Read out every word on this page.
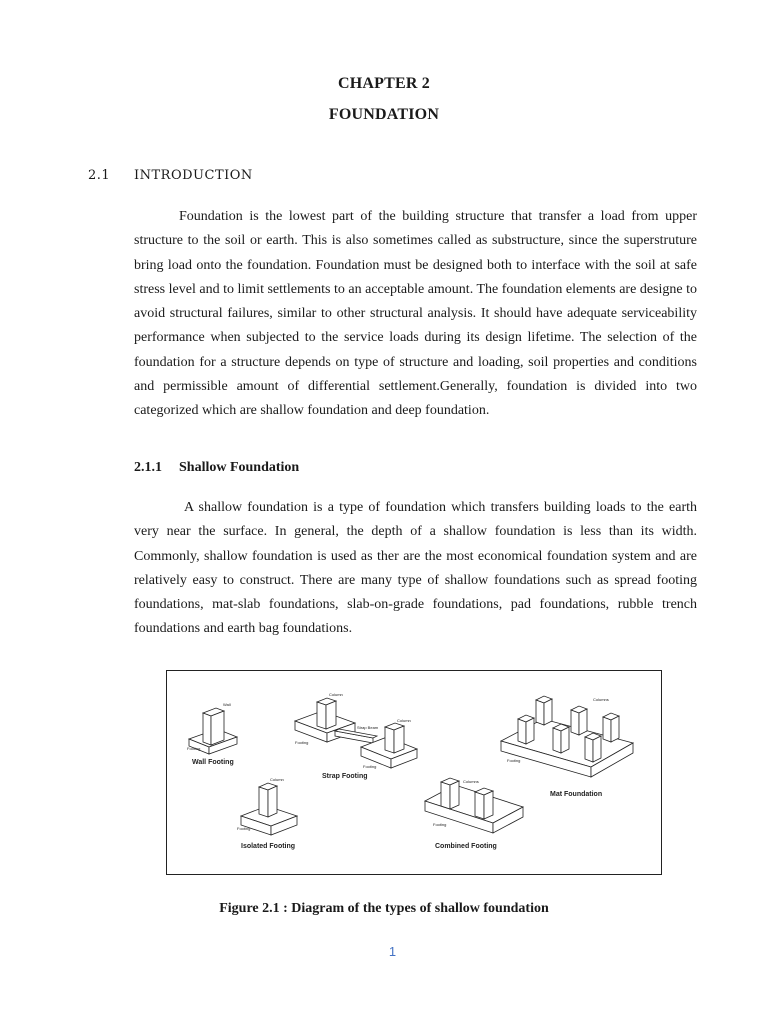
CHAPTER 2
FOUNDATION
2.1 INTRODUCTION

Foundation is the lowest part of the building structure that transfer a load from upper structure to the soil or earth. This is also sometimes called as substructure, since the superstruture bring load onto the foundation. Foundation must be designed both to interface with the soil at safe stress level and to limit settlements to an acceptable amount. The foundation elements are designe to avoid structural failures, similar to other structural analysis. It should have adequate serviceability performance when subjected to the service loads during its design lifetime. The selection of the foundation for a structure depends on type of structure and loading, soil properties and conditions and permissible amount of differential settlement.Generally, foundation is divided into two categorized which are shallow foundation and deep foundation.

2.1.1 Shallow Foundation

A shallow foundation is a type of foundation which transfers building loads to the earth very near the surface. In general, the depth of a shallow foundation is less than its width. Commonly, shallow foundation is used as ther are the most economical foundation system and are relatively easy to construct. There are many type of shallow foundations such as spread footing foundations, mat-slab foundations, slab-on-grade foundations, pad foundations, rubble trench foundations and earth bag foundations.

Wall
Footing
Column
Column
Strap Beam
Footing
Footing
Columns
Footing
Column
Footing
Columns
Footing
Wall Footing
Strap Footing
Mat Foundation
Isolated Footing	Combined Footing
Figure 2.1 : Diagram of the types of shallow foundation
1
